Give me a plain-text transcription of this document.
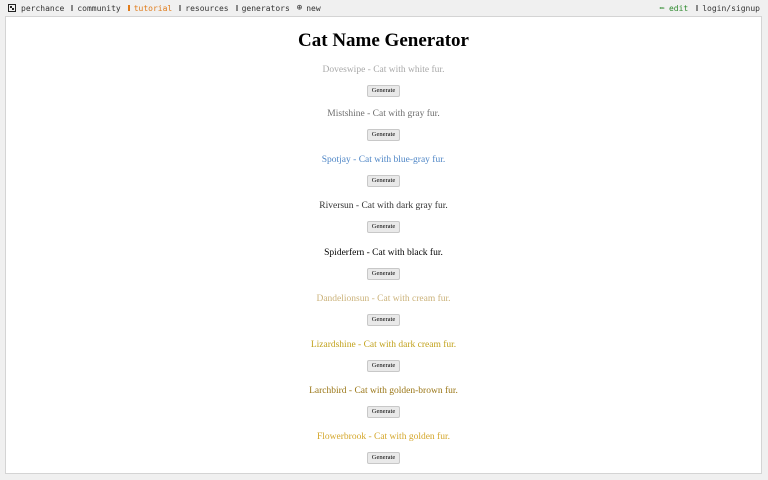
perchance community tutorial resources generators ⊕ new	✏ edit login/signup
Cat Name Generator
Doveswipe - Cat with white fur.
Generate
Mistshine - Cat with gray fur.
Generate
Spotjay - Cat with blue-gray fur.
Generate
Riversun - Cat with dark gray fur.
Generate
Spiderfern - Cat with black fur.
Generate
Dandelionsun - Cat with cream fur.
Generate
Lizardshine - Cat with dark cream fur.
Generate
Larchbird - Cat with golden-brown fur.
Generate
Flowerbrook - Cat with golden fur.
Generate
